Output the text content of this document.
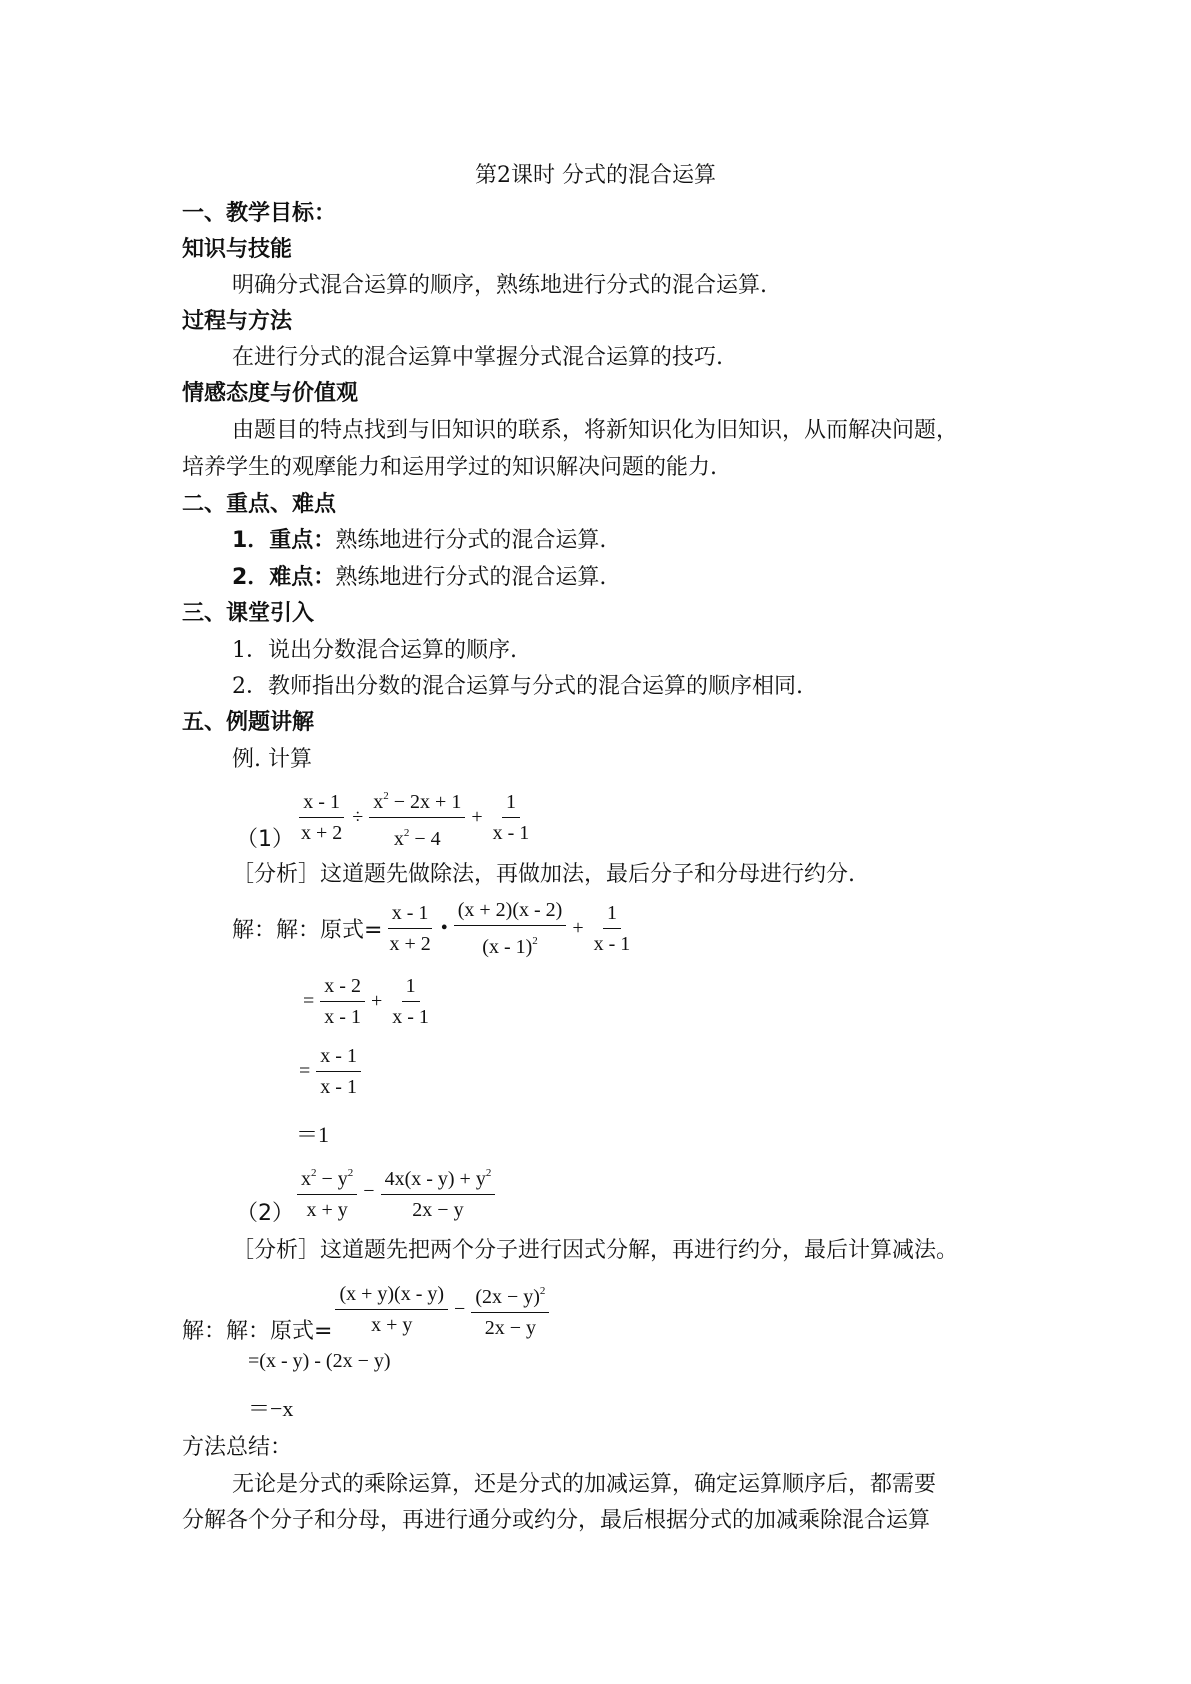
第2课时 分式的混合运算
一、教学目标：
知识与技能
明确分式混合运算的顺序，熟练地进行分式的混合运算.
过程与方法
在进行分式的混合运算中掌握分式混合运算的技巧.
情感态度与价值观
由题目的特点找到与旧知识的联系，将新知识化为旧知识，从而解决问题，
培养学生的观摩能力和运用学过的知识解决问题的能力.
二、重点、难点
1．重点：熟练地进行分式的混合运算.
2．难点：熟练地进行分式的混合运算.
三、课堂引入
1．说出分数混合运算的顺序.
2．教师指出分数的混合运算与分式的混合运算的顺序相同.
五、例题讲解
例. 计算
$(1) \frac{x - 1}{x + 2} \div \frac{x^2 - 2x + 1}{x^2 - 4} + \frac{1}{x - 1}$
［分析］这道题先做除法，再做加法，最后分子和分母进行约分.
解：解：原式= $\frac{x - 1}{x + 2}$ • $\frac{(x + 2)(x - 2)}{(x - 1)^2} + \frac{1}{x - 1}$
= $\frac{x - 2}{x - 1} + \frac{1}{x - 1}$
= $\frac{x - 1}{x - 1}$
＝1
$(2) \frac{x^2 - y^2}{x + y} - \frac{4x(x - y) + y^2}{2x - y}$
［分析］这道题先把两个分子进行因式分解，再进行约分，最后计算减法。
解：解：原式= $\frac{(x + y)(x - y)}{x + y} - \frac{(2x - y)^2}{2x - y}$
=(x - y) - (2x − y)
＝−x
方法总结：
无论是分式的乘除运算，还是分式的加减运算，确定运算顺序后，都需要
分解各个分子和分母，再进行通分或约分，最后根据分式的加减乘除混合运算
